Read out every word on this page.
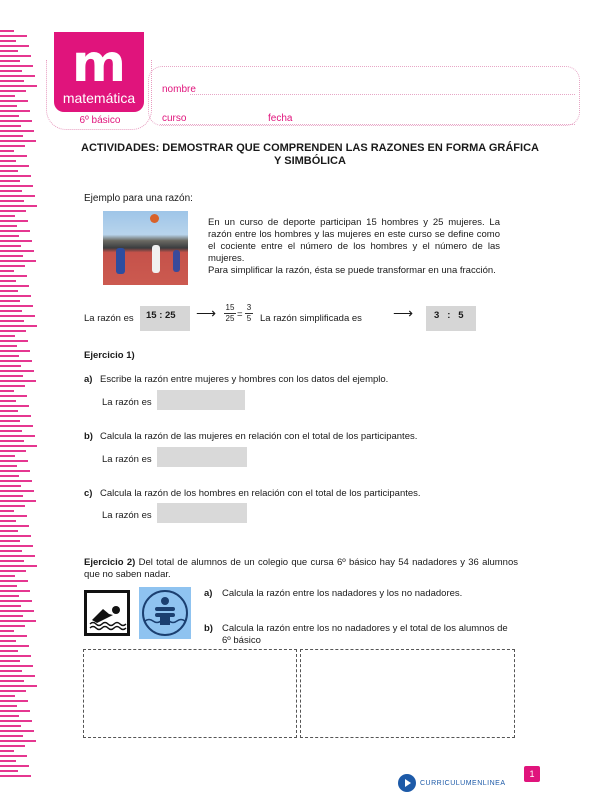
m
matemática
6º básico
nombre
curso	fecha
ACTIVIDADES: DEMOSTRAR QUE COMPRENDEN LAS RAZONES EN FORMA GRÁFICA Y SIMBÓLICA
Ejemplo para una razón:
En un curso de deporte participan 15 hombres y 25 mujeres. La razón entre los hombres y las mujeres en este curso se define como el cociente entre el número de los hombres y el número de las mujeres.
Para simplificar la razón, ésta se puede transformar en una fracción.
La razón es	15 : 25	⟶ $\frac{15}{25} = \frac{3}{5}$ La razón simplificada es ⟶	3   :   5
Ejercicio 1)
a) Escribe la razón entre mujeres y hombres con los datos del ejemplo.
La razón es
b) Calcula la razón de las mujeres en relación con el total de los participantes.
La razón es
c) Calcula la razón de los hombres en relación con el total de los participantes.
La razón es
Ejercicio 2) Del total de alumnos de un colegio que cursa 6º básico hay 54 nadadores y 36 alumnos que no saben nadar.
a) Calcula la razón entre los nadadores y los no nadadores.
b) Calcula la razón entre los no nadadores y el total de los alumnos de 6º básico
CURRICULUMENLINEA
1
